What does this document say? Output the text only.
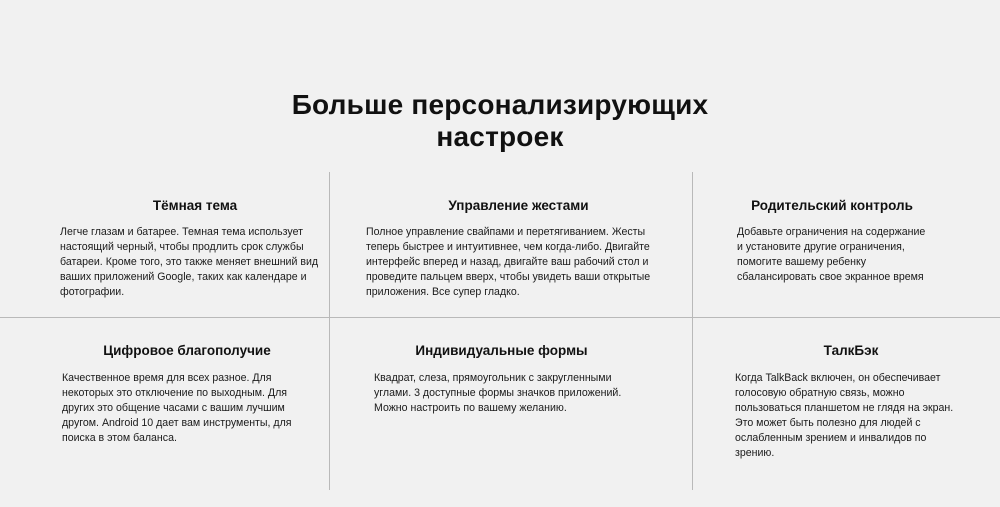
Больше персонализирующих
настроек
Тёмная тема

Легче глазам и батарее. Темная тема использует настоящий черный, чтобы продлить срок службы батареи. Кроме того, это также меняет внешний вид ваших приложений Google, таких как календаре и фотографии.

Управление жестами

Полное управление свайпами и перетягиванием. Жесты теперь быстрее и интуитивнее, чем когда-либо. Двигайте интерфейс вперед и назад, двигайте ваш рабочий стол и проведите пальцем вверх, чтобы увидеть ваши открытые приложения. Все супер гладко.

Родительский контроль

Добавьте ограничения на содержание и установите другие ограничения, помогите вашему ребенку сбалансировать свое экранное время

Цифровое благополучие

Качественное время для всех разное. Для некоторых это отключение по выходным. Для других это общение часами с вашим лучшим другом. Android 10 дает вам инструменты, для поиска в этом баланса.

Индивидуальные формы

Квадрат, слеза, прямоугольник с закругленными углами. 3 доступные формы значков приложений. Можно настроить по вашему желанию.

ТалкБэк

Когда TalkBack включен, он обеспечивает голосовую обратную связь, можно пользоваться планшетом не глядя на экран. Это может быть полезно для людей с ослабленным зрением и инвалидов по зрению.
